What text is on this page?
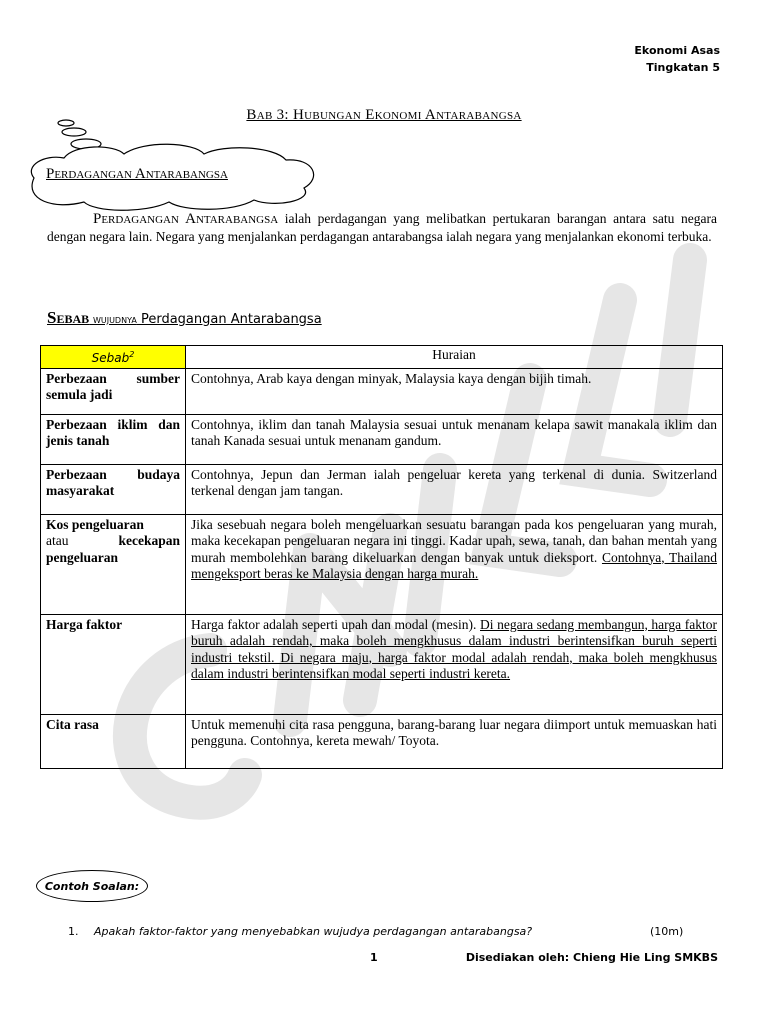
Ekonomi Asas
Tingkatan 5
Bab 3: Hubungan Ekonomi Antarabangsa
Perdagangan Antarabangsa

Perdagangan Antarabangsa ialah perdagangan yang melibatkan pertukaran barangan antara satu negara dengan negara lain. Negara yang menjalankan perdagangan antarabangsa ialah negara yang menjalankan ekonomi terbuka.

Sebab wujudnya Perdagangan Antarabangsa
Sebab$^2$	Huraian
Perbezaan sumber semula jadi	Contohnya, Arab kaya dengan minyak, Malaysia kaya dengan bijih timah.
Perbezaan iklim dan jenis tanah	Contohnya, iklim dan tanah Malaysia sesuai untuk menanam kelapa sawit manakala iklim dan tanah Kanada sesuai untuk menanam gandum.
Perbezaan budaya masyarakat	Contohnya, Jepun dan Jerman ialah pengeluar kereta yang terkenal di dunia. Switzerland terkenal dengan jam tangan.
Kos pengeluaran
atau kecekapan pengeluaran	Jika sesebuah negara boleh mengeluarkan sesuatu barangan pada kos pengeluaran yang murah, maka kecekapan pengeluaran negara ini tinggi. Kadar upah, sewa, tanah, dan bahan mentah yang murah membolehkan barang dikeluarkan dengan banyak untuk dieksport. Contohnya, Thailand mengeksport beras ke Malaysia dengan harga murah.
Harga faktor	Harga faktor adalah seperti upah dan modal (mesin). Di negara sedang membangun, harga faktor buruh adalah rendah, maka boleh mengkhusus dalam industri berintensifkan buruh seperti industri tekstil. Di negara maju, harga faktor modal adalah rendah, maka boleh mengkhusus dalam industri berintensifkan modal seperti industri kereta.
Cita rasa	Untuk memenuhi cita rasa pengguna, barang-barang luar negara diimport untuk memuaskan hati pengguna. Contohnya, kereta mewah/ Toyota.
Contoh Soalan:
1. Apakah faktor-faktor yang menyebabkan wujudya perdagangan antarabangsa?	(10m)
1	Disediakan oleh: Chieng Hie Ling SMKBS
